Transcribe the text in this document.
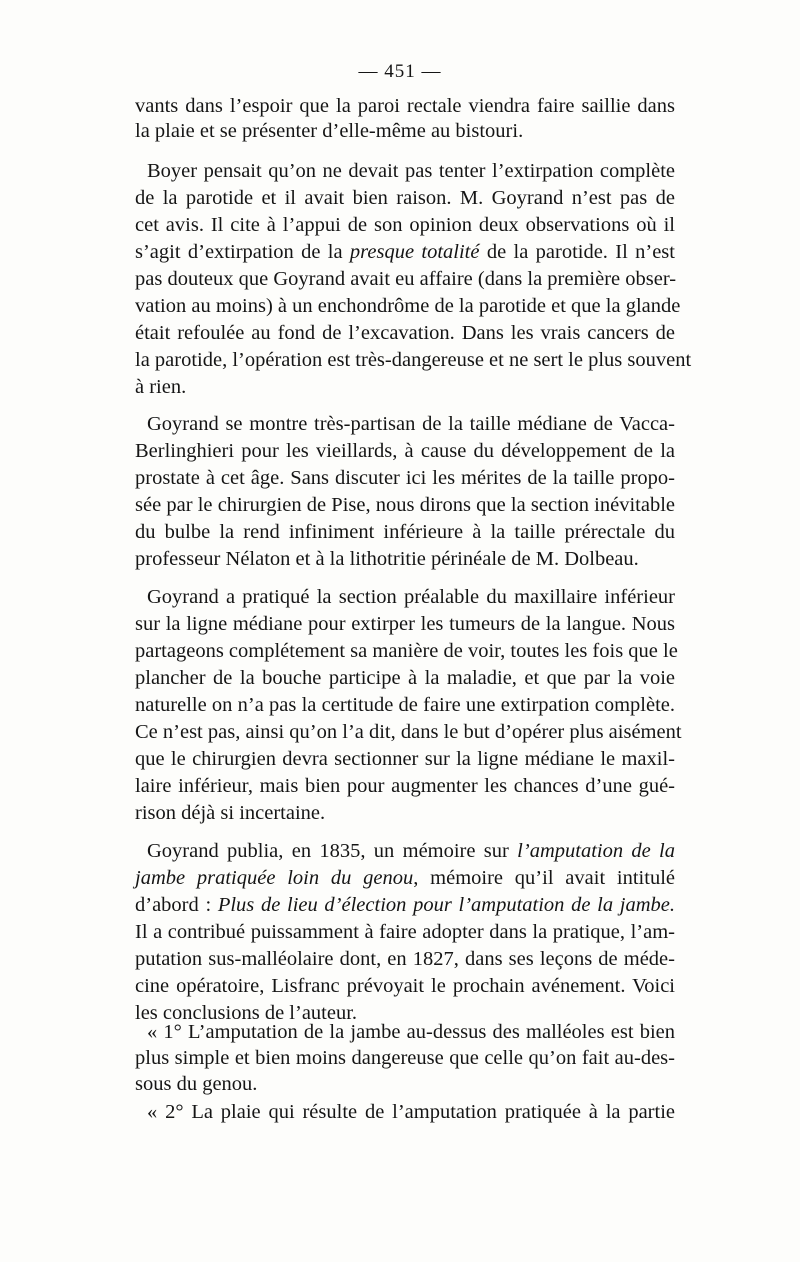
— 451 —
vants dans l’espoir que la paroi rectale viendra faire saillie dans
la plaie et se présenter d’elle-même au bistouri.
Boyer pensait qu’on ne devait pas tenter l’extirpation complète
de la parotide et il avait bien raison. M. Goyrand n’est pas de
cet avis. Il cite à l’appui de son opinion deux observations où il
s’agit d’extirpation de la presque totalité de la parotide. Il n’est
pas douteux que Goyrand avait eu affaire (dans la première obser-
vation au moins) à un enchondrôme de la parotide et que la glande
était refoulée au fond de l’excavation. Dans les vrais cancers de
la parotide, l’opération est très-dangereuse et ne sert le plus souvent
à rien.
Goyrand se montre très-partisan de la taille médiane de Vacca-
Berlinghieri pour les vieillards, à cause du développement de la
prostate à cet âge. Sans discuter ici les mérites de la taille propo-
sée par le chirurgien de Pise, nous dirons que la section inévitable
du bulbe la rend infiniment inférieure à la taille prérectale du
professeur Nélaton et à la lithotritie périnéale de M. Dolbeau.
Goyrand a pratiqué la section préalable du maxillaire inférieur
sur la ligne médiane pour extirper les tumeurs de la langue. Nous
partageons complétement sa manière de voir, toutes les fois que le
plancher de la bouche participe à la maladie, et que par la voie
naturelle on n’a pas la certitude de faire une extirpation complète.
Ce n’est pas, ainsi qu’on l’a dit, dans le but d’opérer plus aisément
que le chirurgien devra sectionner sur la ligne médiane le maxil-
laire inférieur, mais bien pour augmenter les chances d’une gué-
rison déjà si incertaine.
Goyrand publia, en 1835, un mémoire sur l’amputation de la
jambe pratiquée loin du genou, mémoire qu’il avait intitulé
d’abord : Plus de lieu d’élection pour l’amputation de la jambe.
Il a contribué puissamment à faire adopter dans la pratique, l’am-
putation sus-malléolaire dont, en 1827, dans ses leçons de méde-
cine opératoire, Lisfranc prévoyait le prochain avénement. Voici
les conclusions de l’auteur.
« 1° L’amputation de la jambe au-dessus des malléoles est bien
plus simple et bien moins dangereuse que celle qu’on fait au-des-
sous du genou.
« 2° La plaie qui résulte de l’amputation pratiquée à la partie
